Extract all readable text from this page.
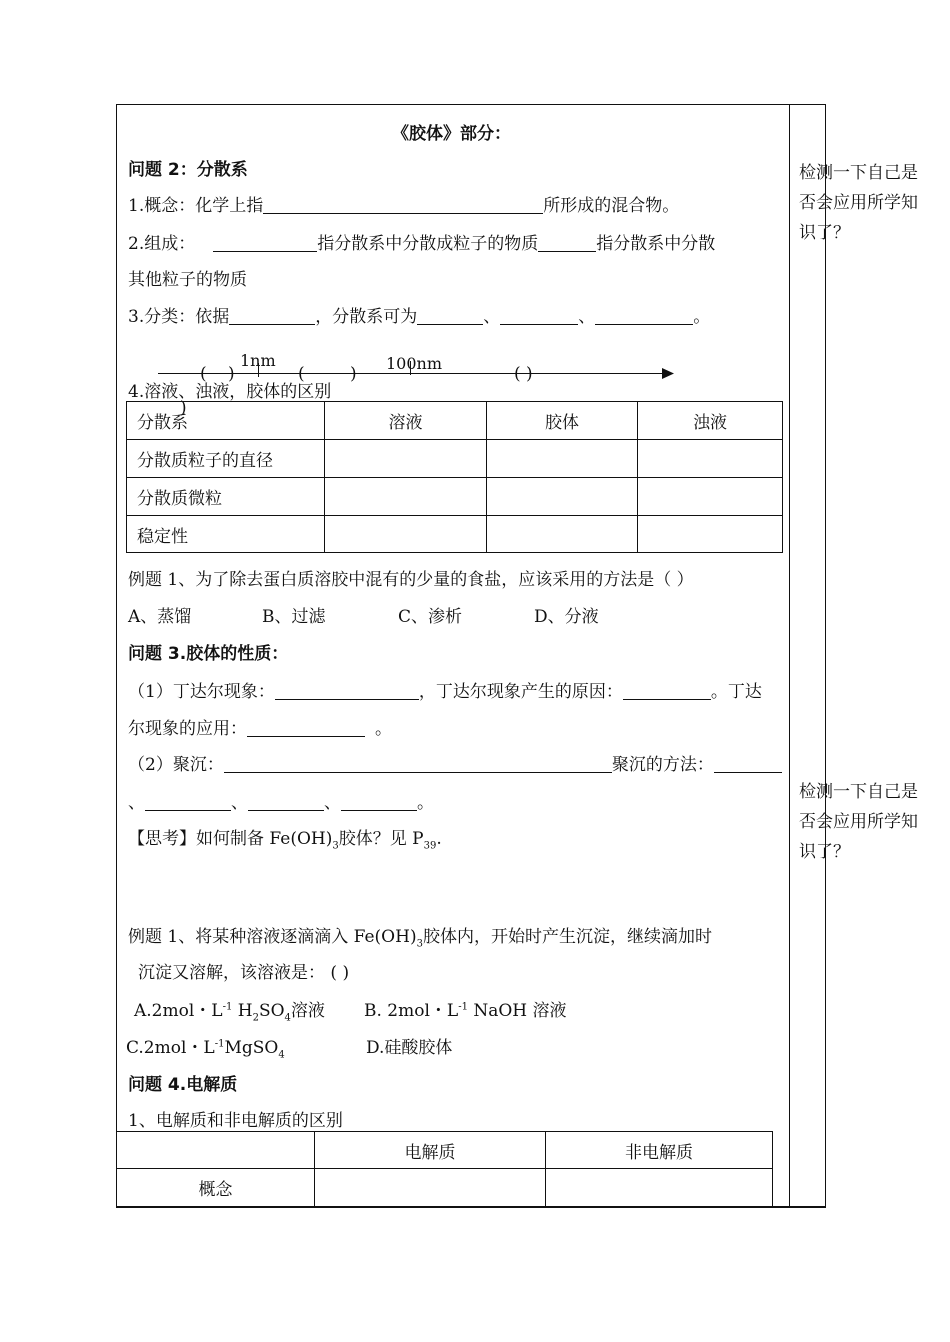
《胶体》部分：
问题 2：分散系
1.概念：化学上指	所形成的混合物。
2.组成：	指分散系中分散成粒子的物质	指分散系中分散
其他粒子的物质
3.分类：依据	，分散系可为	、	、	。
1nm	100nm
( )	(	)	( )
)
4.溶液、浊液，胶体的区别
分散系	溶液	胶体	浊液
分散质粒子的直径			
分散质微粒			
稳定性			
例题 1、为了除去蛋白质溶胶中混有的少量的食盐，应该采用的方法是（ ）
A、蒸馏	B、过滤	C、渗析	D、分液
问题 3.胶体的性质：
（1）丁达尔现象：	，丁达尔现象产生的原因：	。丁达
尔现象的应用：	。
（2）聚沉：	聚沉的方法：
、	、	、	。
【思考】如何制备 $Fe(OH)_3$胶体？见 $P_{39}$.
例题 1、将某种溶液逐滴滴入 $Fe(OH)_3$胶体内，开始时产生沉淀，继续滴加时
沉淀又溶解，该溶液是： ( )
A.2mol・$L^{-1}$ $H_2SO_4$溶液 B. 2mol・$L^{-1}$ NaOH 溶液
C.2mol・$L^{-1}MgSO_4$	D.硅酸胶体
问题 4.电解质
1、电解质和非电解质的区别
	电解质	非电解质
概念		
检测一下自己是否会应用所学知识了？
检测一下自己是否会应用所学知识了？
